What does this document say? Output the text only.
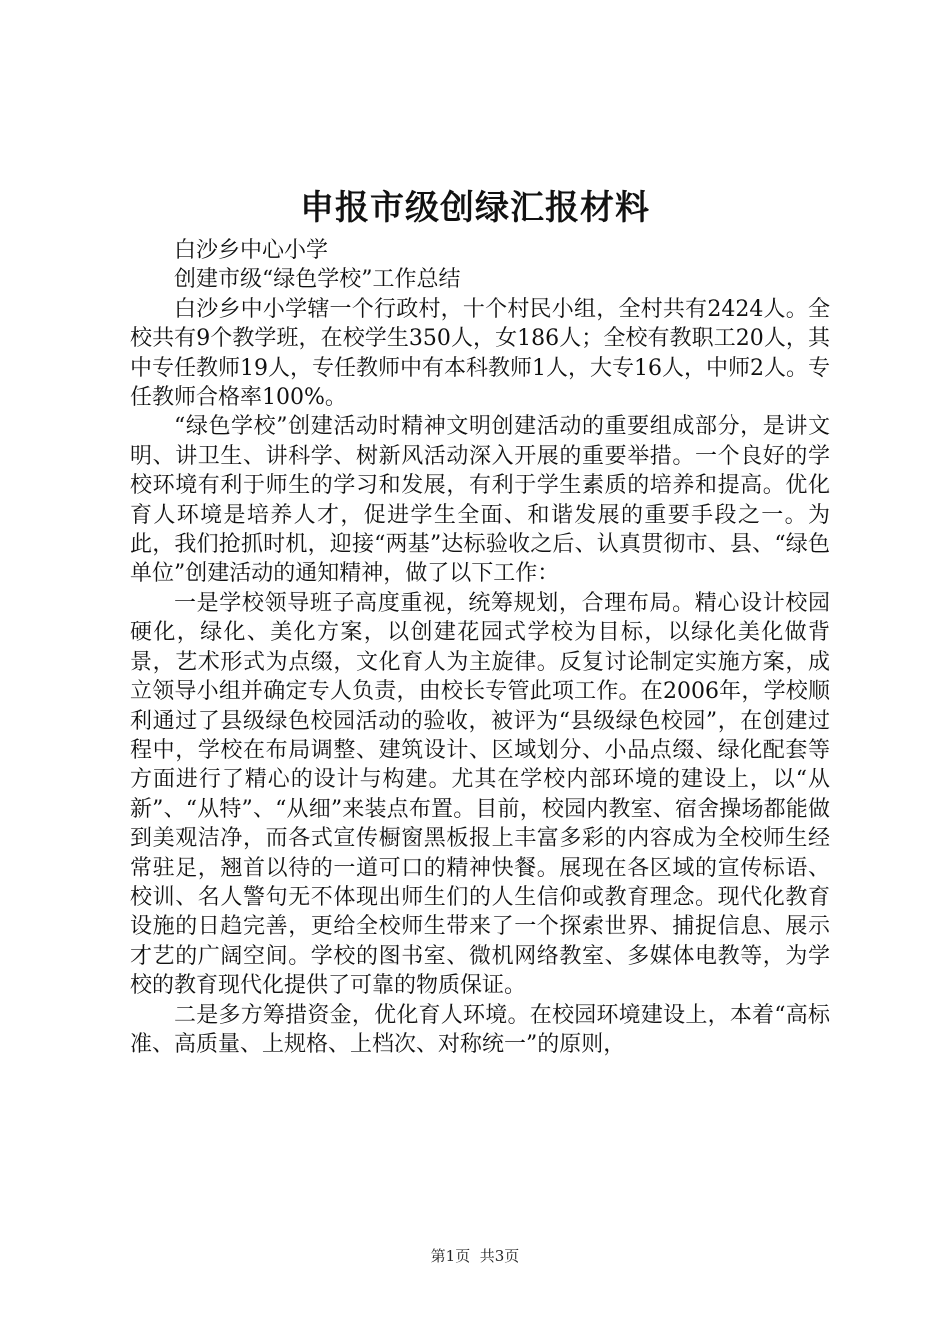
申报市级创绿汇报材料

白沙乡中心小学

创建市级“绿色学校”工作总结

白沙乡中小学辖一个行政村，十个村民小组，全村共有2424人。全校共有9个教学班，在校学生350人，女186人；全校有教职工20人，其中专任教师19人，专任教师中有本科教师1人，大专16人，中师2人。专任教师合格率100%。

“绿色学校”创建活动时精神文明创建活动的重要组成部分，是讲文明、讲卫生、讲科学、树新风活动深入开展的重要举措。一个良好的学校环境有利于师生的学习和发展，有利于学生素质的培养和提高。优化育人环境是培养人才，促进学生全面、和谐发展的重要手段之一。为此，我们抢抓时机，迎接“两基”达标验收之后、认真贯彻市、县、“绿色单位”创建活动的通知精神，做了以下工作：

一是学校领导班子高度重视，统筹规划，合理布局。精心设计校园硬化，绿化、美化方案，以创建花园式学校为目标，以绿化美化做背景，艺术形式为点缀，文化育人为主旋律。反复讨论制定实施方案，成立领导小组并确定专人负责，由校长专管此项工作。在2006年，学校顺利通过了县级绿色校园活动的验收，被评为“县级绿色校园”，在创建过程中，学校在布局调整、建筑设计、区域划分、小品点缀、绿化配套等方面进行了精心的设计与构建。尤其在学校内部环境的建设上，以“从新”、“从特”、“从细”来装点布置。目前，校园内教室、宿舍操场都能做到美观洁净，而各式宣传橱窗黑板报上丰富多彩的内容成为全校师生经常驻足，翘首以待的一道可口的精神快餐。展现在各区域的宣传标语、校训、名人警句无不体现出师生们的人生信仰或教育理念。现代化教育设施的日趋完善，更给全校师生带来了一个探索世界、捕捉信息、展示才艺的广阔空间。学校的图书室、微机网络教室、多媒体电教等，为学校的教育现代化提供了可靠的物质保证。

二是多方筹措资金，优化育人环境。在校园环境建设上，本着“高标准、高质量、上规格、上档次、对称统一”的原则，

第1页 共3页
